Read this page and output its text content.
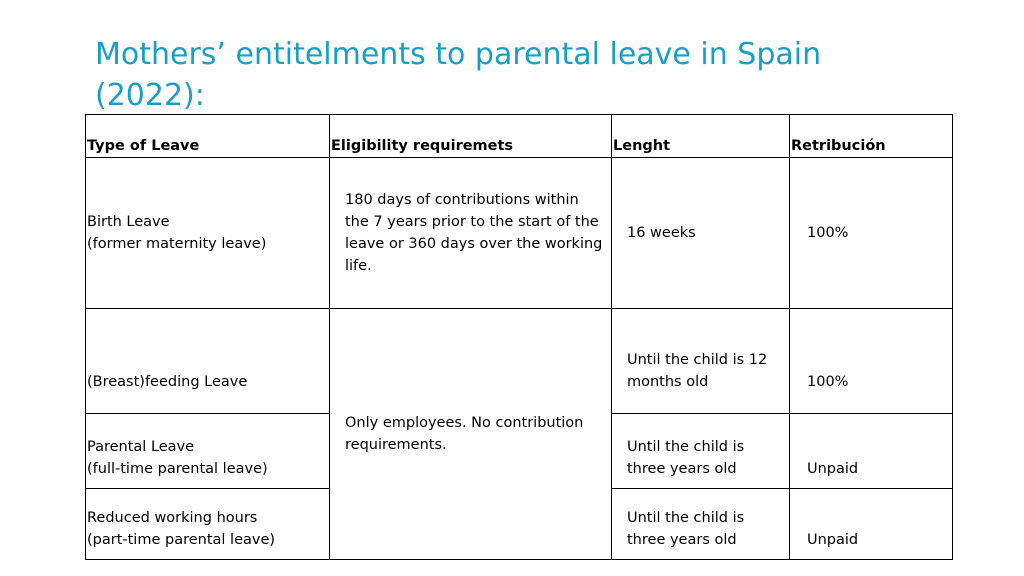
Mothers’ entitelments to parental leave in Spain
(2022):
Type of Leave	Eligibility requiremets	Lenght	Retribución

Birth Leave
(former maternity leave)	180 days of contributions within the 7 years prior to the start of the leave or 360 days over the working life.	16 weeks	100%

(Breast)feeding Leave	Only employees. No contribution requirements.	Until the child is 12
months old	100%

Parental Leave
(full-time parental leave)		Until the child is
three years old	Unpaid

Reduced working hours
(part-time parental leave)		Until the child is
three years old	Unpaid
